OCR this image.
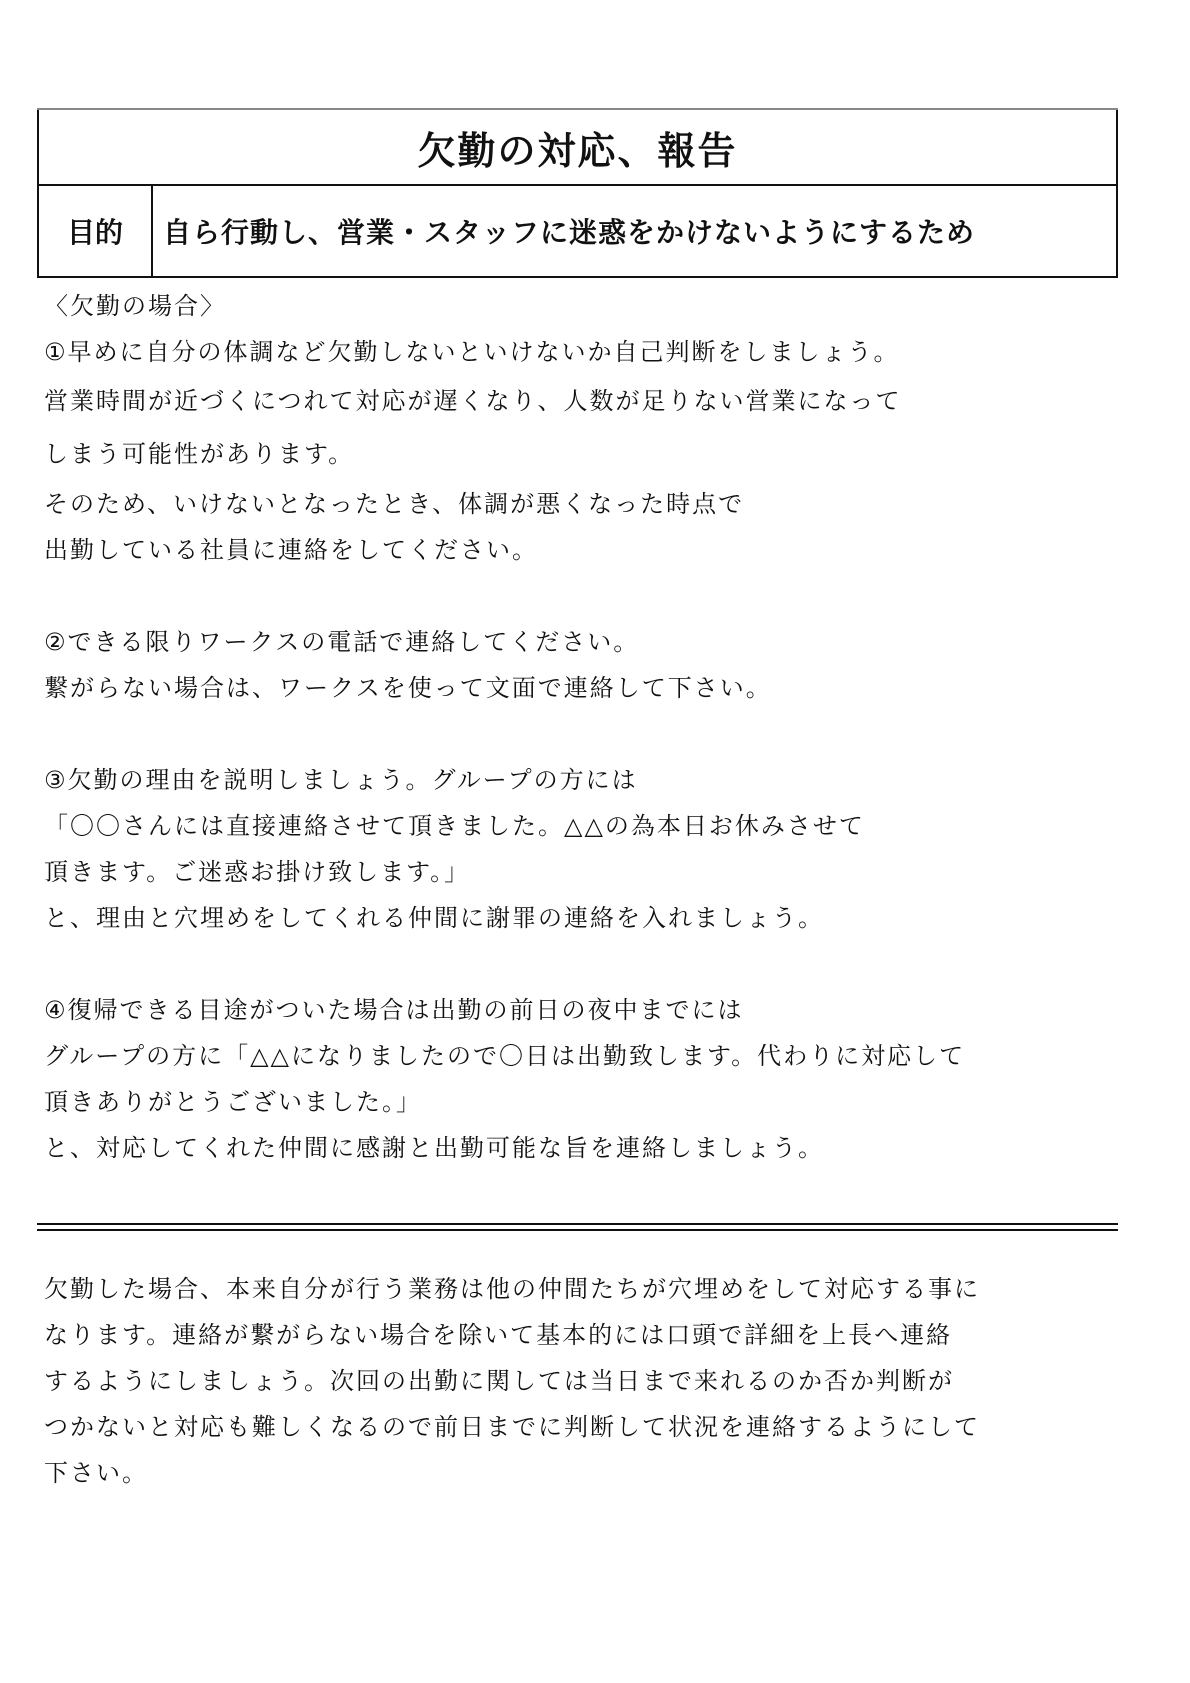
欠勤の対応、報告
目的	自ら行動し、営業・スタッフに迷惑をかけないようにするため
〈欠勤の場合〉
①早めに自分の体調など欠勤しないといけないか自己判断をしましょう。
営業時間が近づくにつれて対応が遅くなり、人数が足りない営業になって
しまう可能性があります。
そのため、いけないとなったとき、体調が悪くなった時点で
出勤している社員に連絡をしてください。
②できる限りワークスの電話で連絡してください。
繋がらない場合は、ワークスを使って文面で連絡して下さい。
③欠勤の理由を説明しましょう。グループの方には
「〇〇さんには直接連絡させて頂きました。△△の為本日お休みさせて
頂きます。ご迷惑お掛け致します。」
と、理由と穴埋めをしてくれる仲間に謝罪の連絡を入れましょう。
④復帰できる目途がついた場合は出勤の前日の夜中までには
グループの方に「△△になりましたので〇日は出勤致します。代わりに対応して
頂きありがとうございました。」
と、対応してくれた仲間に感謝と出勤可能な旨を連絡しましょう。
欠勤した場合、本来自分が行う業務は他の仲間たちが穴埋めをして対応する事に
なります。連絡が繋がらない場合を除いて基本的には口頭で詳細を上長へ連絡
するようにしましょう。次回の出勤に関しては当日まで来れるのか否か判断が
つかないと対応も難しくなるので前日までに判断して状況を連絡するようにして
下さい。
